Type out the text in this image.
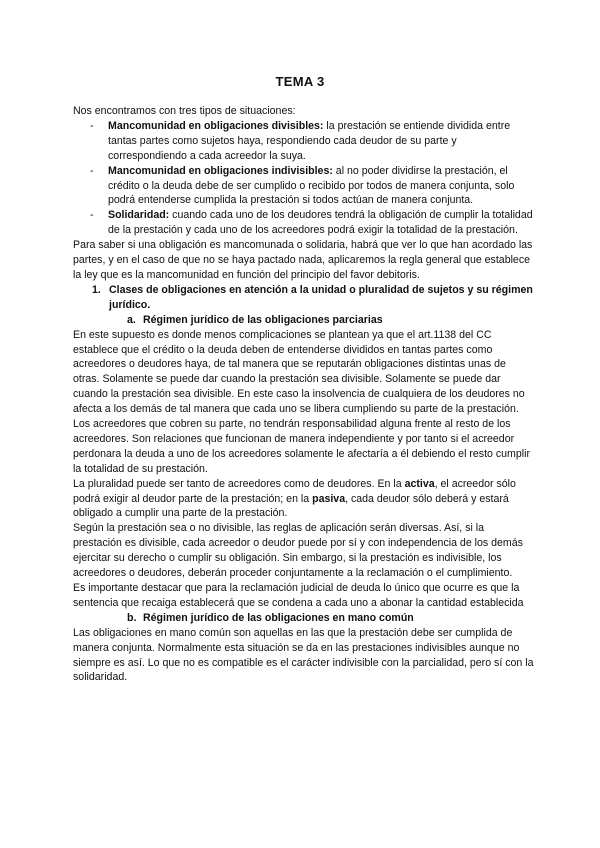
TEMA 3

Nos encontramos con tres tipos de situaciones:

- Mancomunidad en obligaciones divisibles: la prestación se entiende dividida entre tantas partes como sujetos haya, respondiendo cada deudor de su parte y correspondiendo a cada acreedor la suya.
- Mancomunidad en obligaciones indivisibles: al no poder dividirse la prestación, el crédito o la deuda debe de ser cumplido o recibido por todos de manera conjunta, solo podrá entenderse cumplida la prestación si todos actúan de manera conjunta.
- Solidaridad: cuando cada uno de los deudores tendrá la obligación de cumplir la totalidad de la prestación y cada uno de los acreedores podrá exigir la totalidad de la prestación.

Para saber si una obligación es mancomunada o solidaria, habrá que ver lo que han acordado las partes, y en el caso de que no se haya pactado nada, aplicaremos la regla general que establece la ley que es la mancomunidad en función del principio del favor debitoris.

1. Clases de obligaciones en atención a la unidad o pluralidad de sujetos y su régimen jurídico.
a. Régimen jurídico de las obligaciones parciarias

En este supuesto es donde menos complicaciones se plantean ya que el art.1138 del CC establece que el crédito o la deuda deben de entenderse divididos en tantas partes como acreedores o deudores haya, de tal manera que se reputarán obligaciones distintas unas de otras. Solamente se puede dar cuando la prestación sea divisible. Solamente se puede dar cuando la prestación sea divisible. En este caso la insolvencia de cualquiera de los deudores no afecta a los demás de tal manera que cada uno se libera cumpliendo su parte de la prestación. Los acreedores que cobren su parte, no tendrán responsabilidad alguna frente al resto de los acreedores. Son relaciones que funcionan de manera independiente y por tanto si el acreedor perdonara la deuda a uno de los acreedores solamente le afectaría a él debiendo el resto cumplir la totalidad de su prestación.

La pluralidad puede ser tanto de acreedores como de deudores. En la activa, el acreedor sólo podrá exigir al deudor parte de la prestación; en la pasiva, cada deudor sólo deberá y estará obligado a cumplir una parte de la prestación.

Según la prestación sea o no divisible, las reglas de aplicación serán diversas. Así, si la prestación es divisible, cada acreedor o deudor puede por sí y con independencia de los demás ejercitar su derecho o cumplir su obligación. Sin embargo, si la prestación es indivisible, los acreedores o deudores, deberán proceder conjuntamente a la reclamación o el cumplimiento.

Es importante destacar que para la reclamación judicial de deuda lo único que ocurre es que la sentencia que recaiga establecerá que se condena a cada uno a abonar la cantidad establecida

b. Régimen jurídico de las obligaciones en mano común

Las obligaciones en mano común son aquellas en las que la prestación debe ser cumplida de manera conjunta. Normalmente esta situación se da en las prestaciones indivisibles aunque no siempre es así. Lo que no es compatible es el carácter indivisible con la parcialidad, pero sí con la solidaridad.
